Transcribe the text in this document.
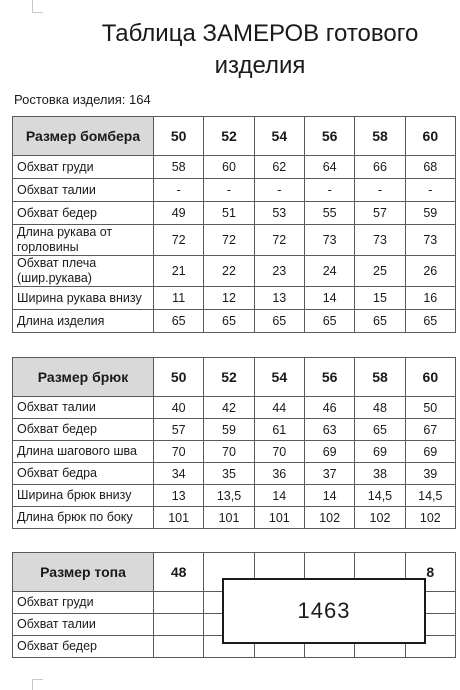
Таблица ЗАМЕРОВ готового
изделия
Ростовка изделия: 164
Размер бомбера	50	52	54	56	58	60
Обхват груди	58	60	62	64	66	68
Обхват талии	-	-	-	-	-	-
Обхват бедер	49	51	53	55	57	59
Длина рукава от горловины	72	72	72	73	73	73
Обхват плеча (шир.рукава)	21	22	23	24	25	26
Ширина рукава внизу	11	12	13	14	15	16
Длина изделия	65	65	65	65	65	65
Размер брюк	50	52	54	56	58	60
Обхват талии	40	42	44	46	48	50
Обхват бедер	57	59	61	63	65	67
Длина шагового шва	70	70	70	69	69	69
Обхват бедра	34	35	36	37	38	39
Ширина брюк внизу	13	13,5	14	14	14,5	14,5
Длина брюк по боку	101	101	101	102	102	102
Размер топа	48					8
Обхват груди						
Обхват талии						
Обхват бедер						
1463
